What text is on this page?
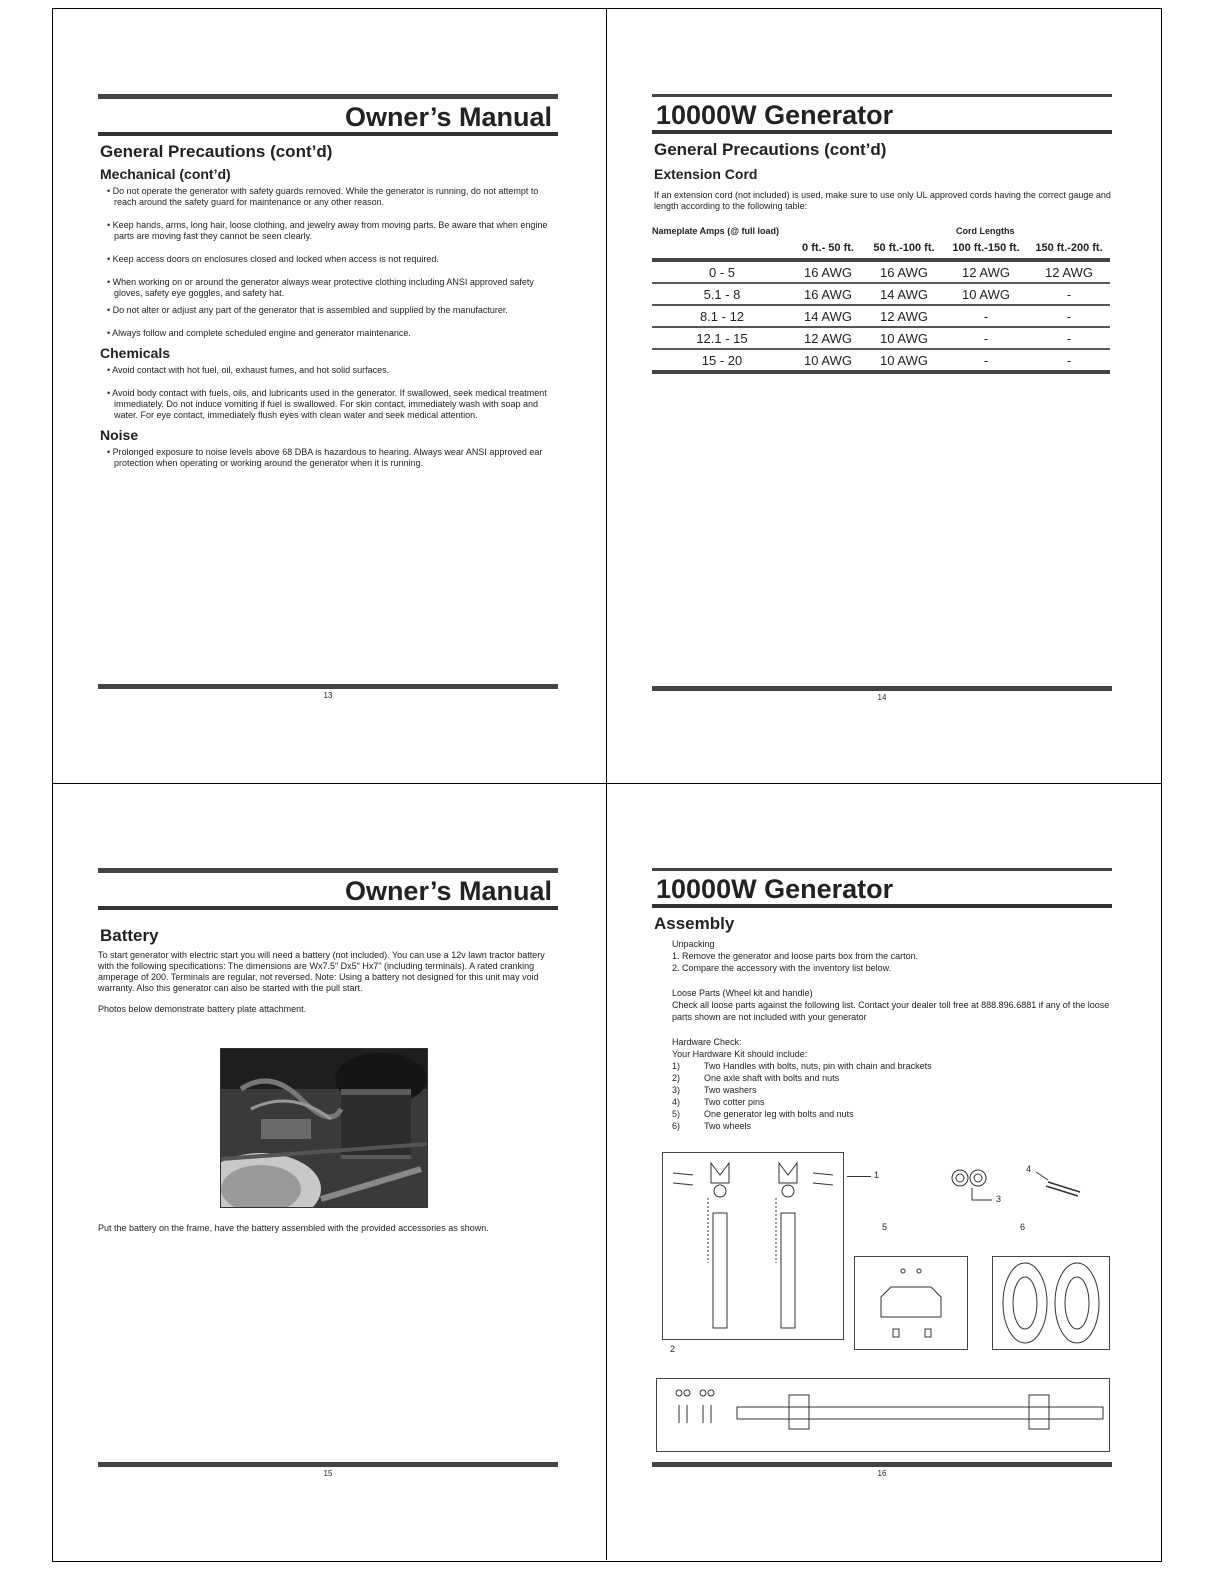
Owner’s Manual
General Precautions (cont’d)
Mechanical (cont’d)
• Do not operate the generator with safety guards removed. While the generator is running, do not attempt to reach around the safety guard for maintenance or any other reason.
• Keep hands, arms, long hair, loose clothing, and jewelry away from moving parts. Be aware that when engine parts are moving fast they cannot be seen clearly.
• Keep access doors on enclosures closed and locked when access is not required.
• When working on or around the generator always wear protective clothing including ANSI approved safety gloves, safety eye goggles, and safety hat.
• Do not alter or adjust any part of the generator that is assembled and supplied by the manufacturer.
• Always follow and complete scheduled engine and generator maintenance.
Chemicals
• Avoid contact with hot fuel, oil, exhaust fumes, and hot solid surfaces.
• Avoid body contact with fuels, oils, and lubricants used in the generator. If swallowed, seek medical treatment immediately. Do not induce vomiting if fuel is swallowed. For skin contact, immediately wash with soap and water. For eye contact, immediately flush eyes with clean water and seek medical attention.
Noise
• Prolonged exposure to noise levels above 68 DBA is hazardous to hearing. Always wear ANSI approved ear protection when operating or working around the generator when it is running.
13
10000W Generator
General Precautions (cont’d)
Extension Cord
If an extension cord (not included) is used, make sure to use only UL approved cords having the correct gauge and length according to the following table:
Nameplate Amps (@ full load)	Cord Lengths
	0 ft.- 50 ft.	50 ft.-100 ft.	100 ft.-150 ft.	150 ft.-200 ft.

0 - 5	16 AWG	16 AWG	12 AWG	12 AWG
5.1 - 8	16 AWG	14 AWG	10 AWG	-
8.1 - 12	14 AWG	12 AWG	-	-
12.1 - 15	12 AWG	10 AWG	-	-
15 - 20	10 AWG	10 AWG	-	-

14
Owner’s Manual
Battery
To start generator with electric start you will need a battery (not included). You can use a 12v lawn tractor battery with the following specifications: The dimensions are Wx7.5" Dx5" Hx7" (including terminals). A rated cranking amperage of 200. Terminals are regular, not reversed. Note: Using a battery not designed for this unit may void warranty. Also this generator can also be started with the pull start.
Photos below demonstrate battery plate attachment.
Put the battery on the frame, have the battery assembled with the provided accessories as shown.
15
10000W Generator
Assembly
Unpacking
1. Remove the generator and loose parts box from the carton.
2. Compare the accessory with the inventory list below.
Loose Parts (Wheel kit and handle)
Check all loose parts against the following list. Contact your dealer toll free at 888.896.6881 if any of the loose parts shown are not included with your generator
Hardware Check:
Your Hardware Kit should include:
1)	Two Handles with bolts, nuts, pin with chain and brackets
2)	One axle shaft with bolts and nuts
3)	Two washers
4)	Two cotter pins
5)	One generator leg with bolts and nuts
6)	Two wheels
1
3
4
5	6
2
16
